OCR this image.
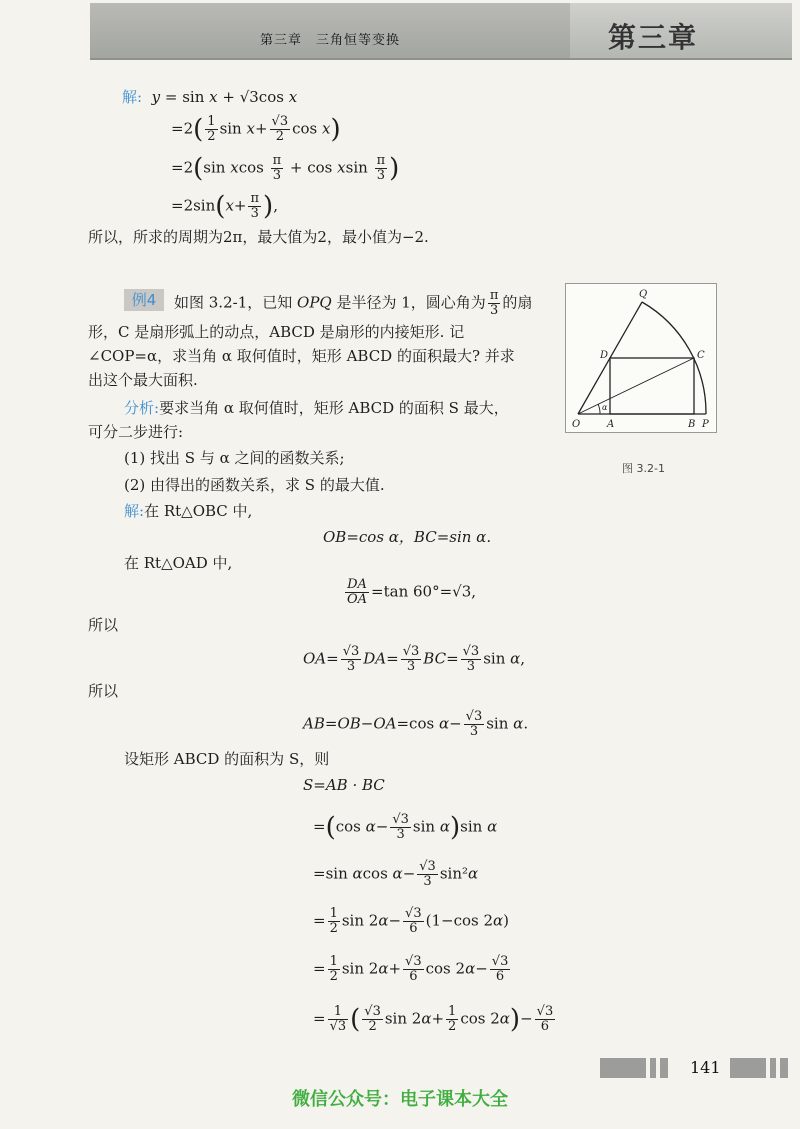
第三章　三角恒等变换	第三章
解:  y = sin x + √3cos x
$=2( \frac{1}{2}$ $\sin x+ \frac{√3}{2}$ cos x)
=2(sin xcos $\frac{\pi}{3} + \cos xsin \frac{\pi}{3}$ )
$=2\sin(x+ \frac{\pi}{3}$ ),
所以，所求的周期为2π，最大值为2，最小值为−2.
例4	如图 3.2-1，已知 OPQ 是半径为 1，圆心角为 $\frac{\pi}{3}$ 的扇
形，C 是扇形弧上的动点，ABCD 是扇形的内接矩形. 记
∠COP=α，求当角 α 取何值时，矩形 ABCD 的面积最大? 并求
出这个最大面积.
分析:要求当角 α 取何值时，矩形 ABCD 的面积 S 最大，
可分二步进行:
(1) 找出 S 与 α 之间的函数关系;
(2) 由得出的函数关系，求 S 的最大值.
解:在 Rt△OBC 中,
OB=cos α，BC=sin α.
在 Rt△OAD 中,
$\frac{DA}{OA} =\tan$ 60°=√3,
所以
$OA= \frac{√3}{3} DA= \frac{√3}{3} BC= \frac{√3}{3}$ sin α,
所以
AB=OB−OA=cos $\alpha- \frac{√3}{3}$ sin α.
设矩形 ABCD 的面积为 S，则
S=AB · BC
=(cos $\alpha- \frac{√3}{3}$ sin α)sin α
=sin αcos $\alpha- \frac{√3}{3} \sin^2\alpha$
= $\frac{1}{2}$ $\sin 2\alpha- \frac{√3}{6} (1-\cos$ 2α)
= $\frac{1}{2}$ $\sin 2\alpha+ \frac{√3}{6}$ $\cos 2\alpha- \frac{√3}{6}$
= $\frac{1}{√3}$ ( $\frac{√3}{2}$ $\sin 2\alpha+ \frac{1}{2}$ $\cos 2\alpha)- \frac{√3}{6}$
Q
D	C
O	A	B P
α
图 3.2-1
141
微信公众号：电子课本大全
